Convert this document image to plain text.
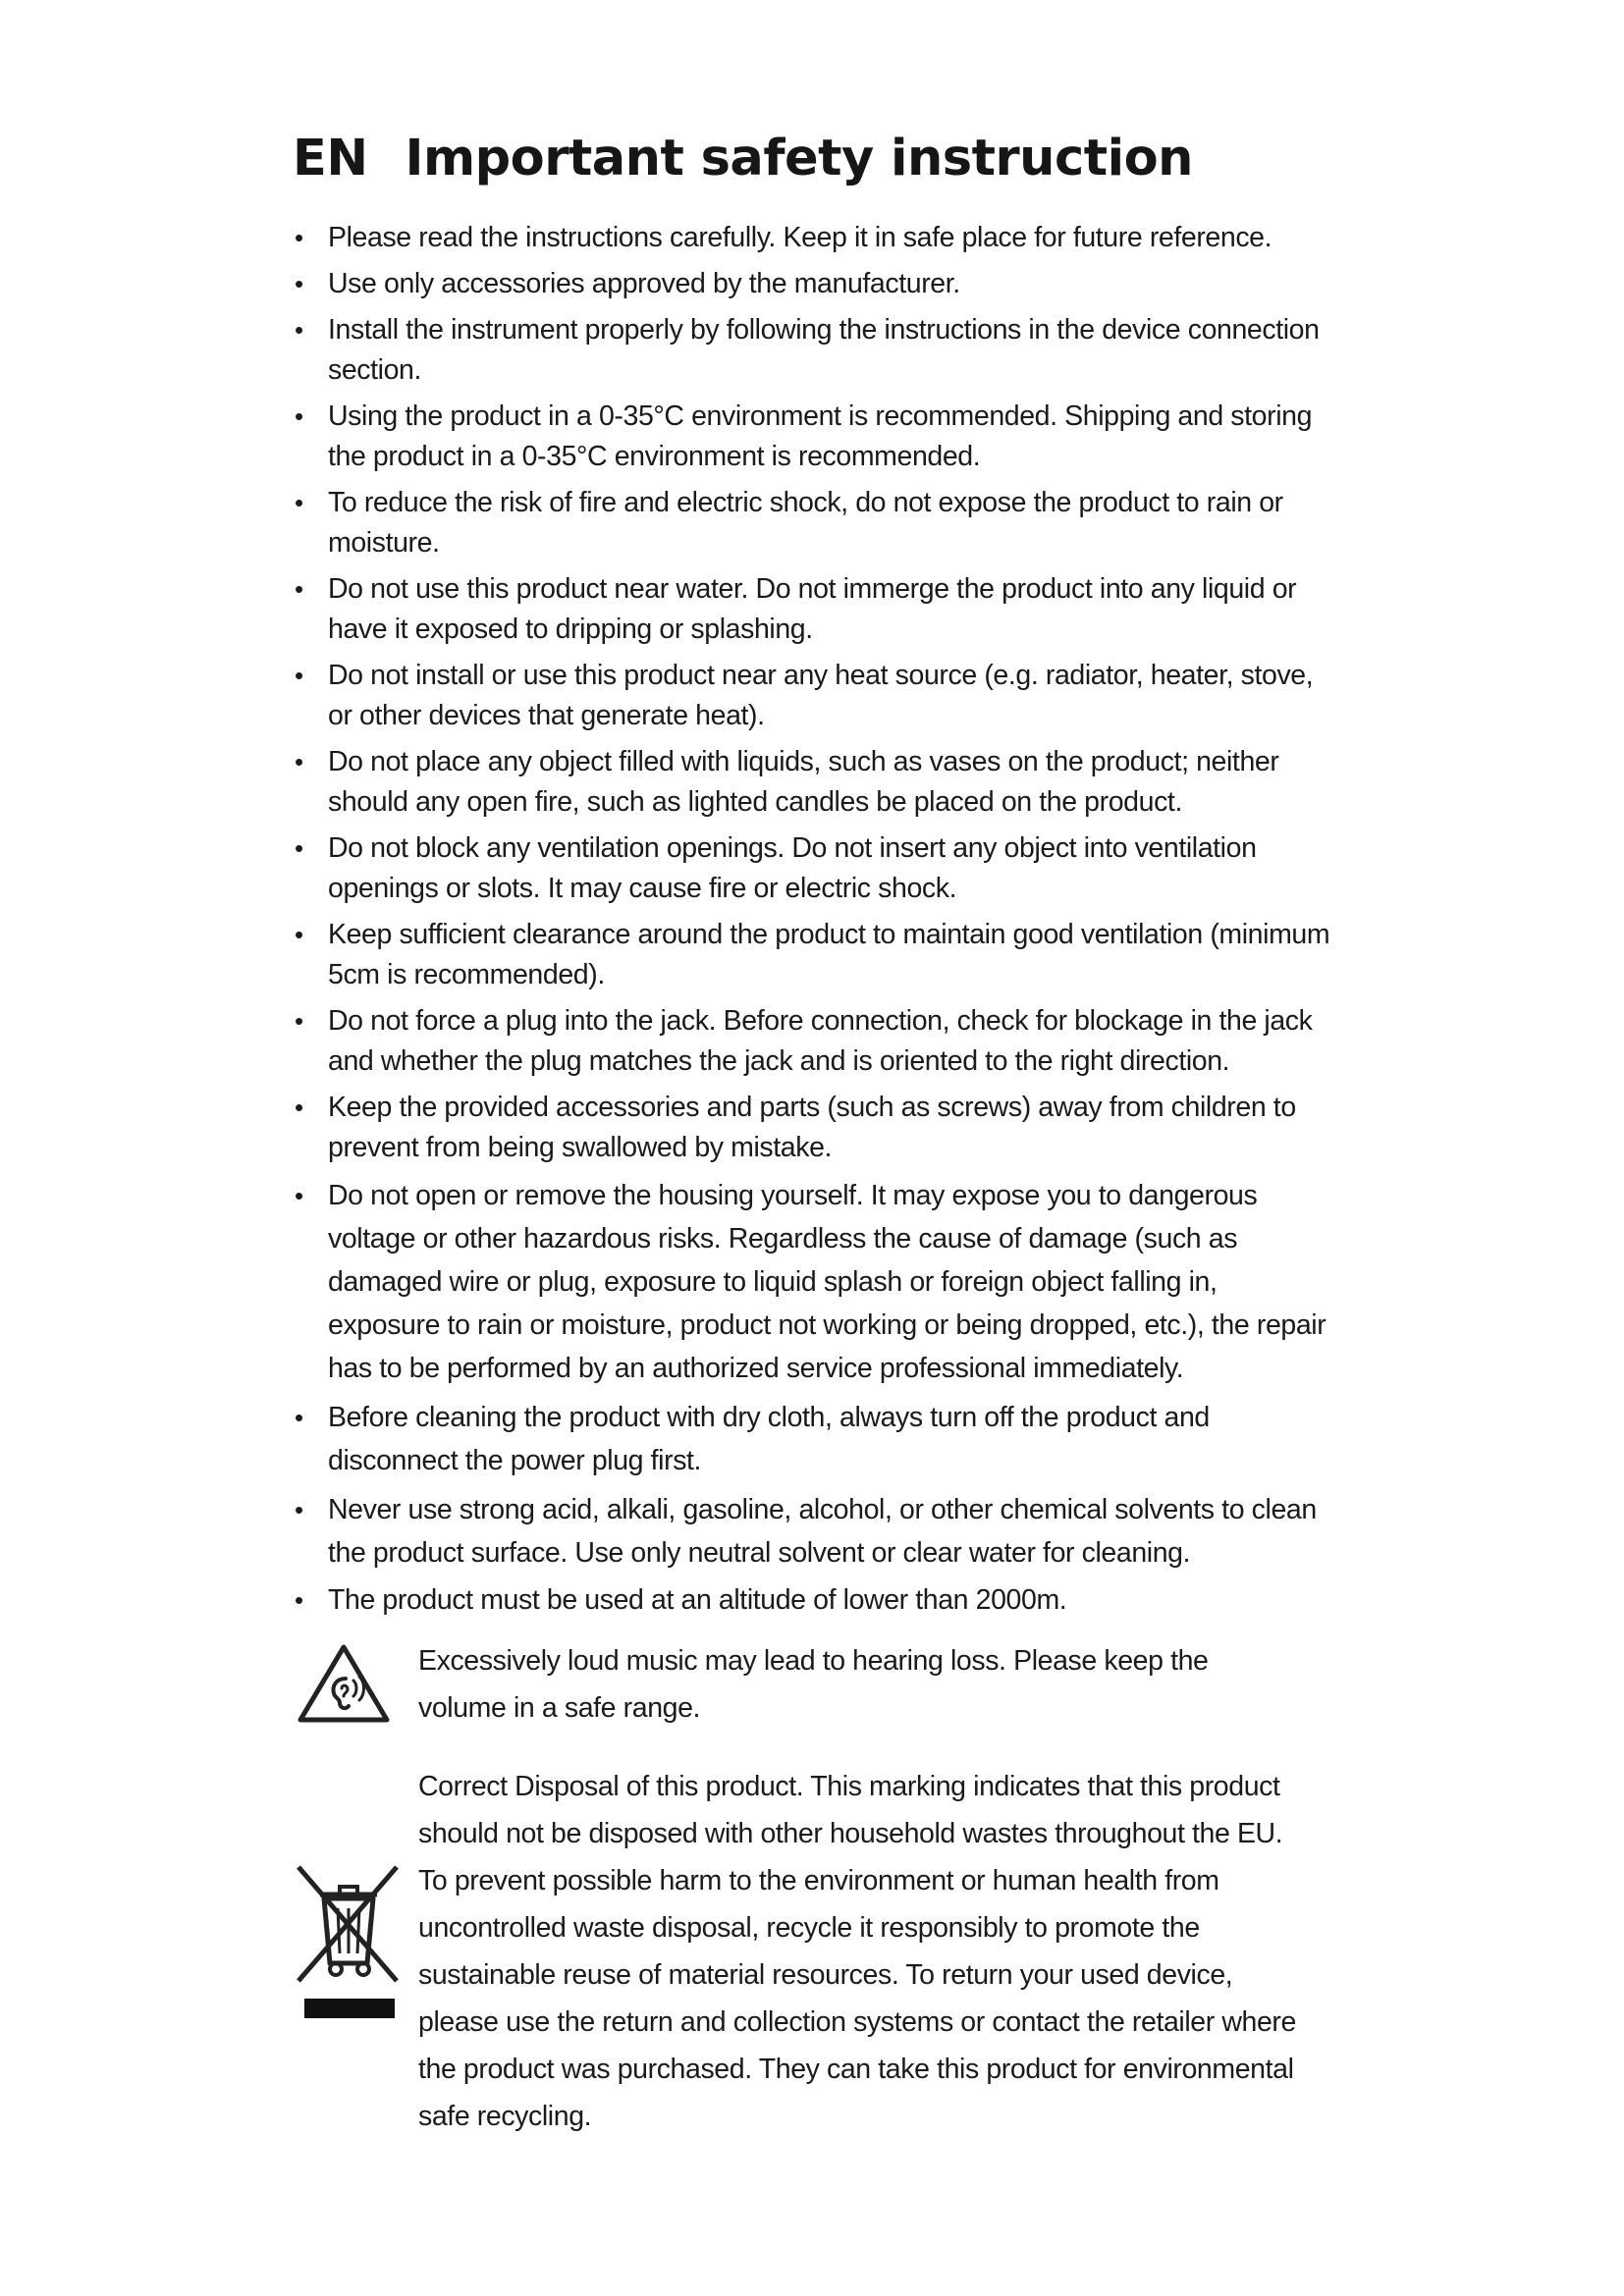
EN Important safety instruction
• Please read the instructions carefully. Keep it in safe place for future reference.
• Use only accessories approved by the manufacturer.
• Install the instrument properly by following the instructions in the device connection section.
• Using the product in a 0-35°C environment is recommended. Shipping and storing the product in a 0-35°C environment is recommended.
• To reduce the risk of fire and electric shock, do not expose the product to rain or moisture.
• Do not use this product near water. Do not immerge the product into any liquid or have it exposed to dripping or splashing.
• Do not install or use this product near any heat source (e.g. radiator, heater, stove, or other devices that generate heat).
• Do not place any object filled with liquids, such as vases on the product; neither should any open fire, such as lighted candles be placed on the product.
• Do not block any ventilation openings. Do not insert any object into ventilation openings or slots. It may cause fire or electric shock.
• Keep sufficient clearance around the product to maintain good ventilation (minimum 5cm is recommended).
• Do not force a plug into the jack. Before connection, check for blockage in the jack and whether the plug matches the jack and is oriented to the right direction.
• Keep the provided accessories and parts (such as screws) away from children to prevent from being swallowed by mistake.
• Do not open or remove the housing yourself. It may expose you to dangerous voltage or other hazardous risks. Regardless the cause of damage (such as damaged wire or plug, exposure to liquid splash or foreign object falling in, exposure to rain or moisture, product not working or being dropped, etc.), the repair has to be performed by an authorized service professional immediately.
• Before cleaning the product with dry cloth, always turn off the product and disconnect the power plug first.
• Never use strong acid, alkali, gasoline, alcohol, or other chemical solvents to clean the product surface. Use only neutral solvent or clear water for cleaning.
• The product must be used at an altitude of lower than 2000m.
Excessively loud music may lead to hearing loss. Please keep the volume in a safe range.
Correct Disposal of this product. This marking indicates that this product should not be disposed with other household wastes throughout the EU. To prevent possible harm to the environment or human health from uncontrolled waste disposal, recycle it responsibly to promote the sustainable reuse of material resources. To return your used device, please use the return and collection systems or contact the retailer where the product was purchased. They can take this product for environmental safe recycling.
